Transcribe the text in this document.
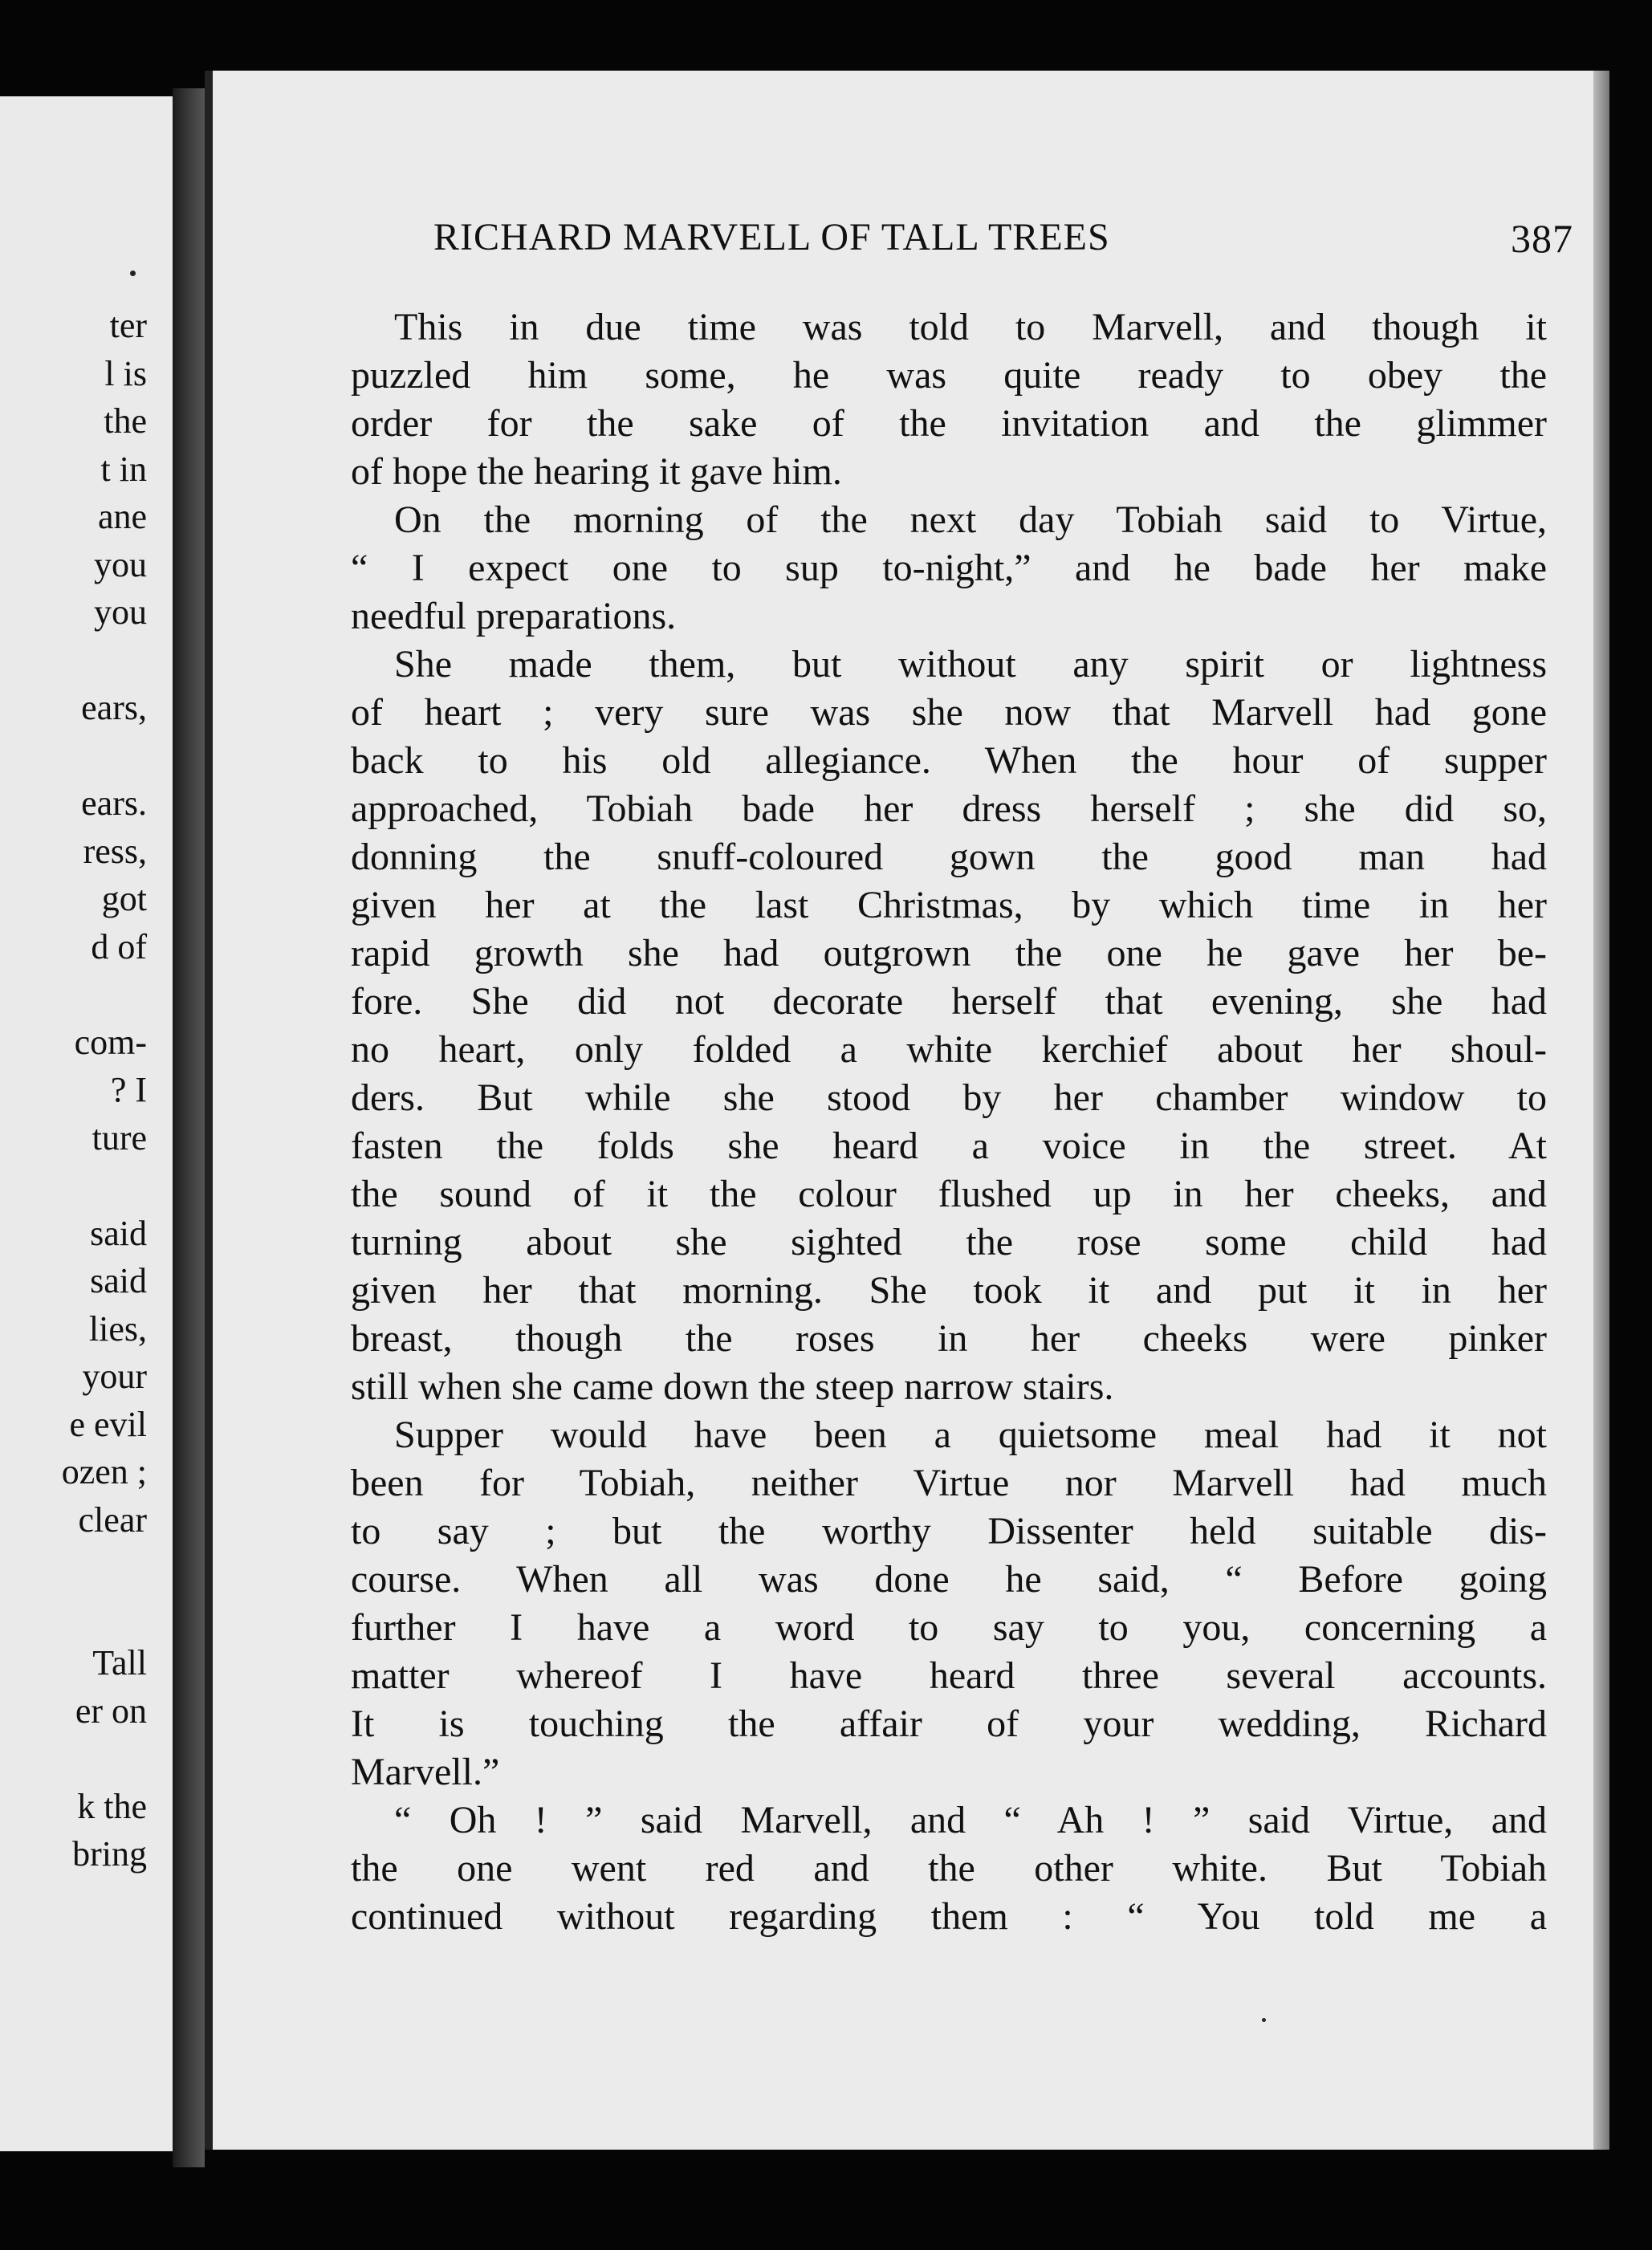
ter
l is
the
t in
ane
you
you
ears,
ears.
ress,
got
d of
com-
? I
ture
said
said
lies,
your
e evil
ozen ;
clear
Tall
er on
k the
bring
RICHARD MARVELL OF TALL TREES	387
This in due time was told to Marvell, and though it
puzzled him some, he was quite ready to obey the
order for the sake of the invitation and the glimmer
of hope the hearing it gave him.
On the morning of the next day Tobiah said to Virtue,
“ I expect one to sup to-night,” and he bade her make
needful preparations.
She made them, but without any spirit or lightness
of heart ; very sure was she now that Marvell had gone
back to his old allegiance. When the hour of supper
approached, Tobiah bade her dress herself ; she did so,
donning the snuff-coloured gown the good man had
given her at the last Christmas, by which time in her
rapid growth she had outgrown the one he gave her be-
fore. She did not decorate herself that evening, she had
no heart, only folded a white kerchief about her shoul-
ders. But while she stood by her chamber window to
fasten the folds she heard a voice in the street. At
the sound of it the colour flushed up in her cheeks, and
turning about she sighted the rose some child had
given her that morning. She took it and put it in her
breast, though the roses in her cheeks were pinker
still when she came down the steep narrow stairs.
Supper would have been a quietsome meal had it not
been for Tobiah, neither Virtue nor Marvell had much
to say ; but the worthy Dissenter held suitable dis-
course. When all was done he said, “ Before going
further I have a word to say to you, concerning a
matter whereof I have heard three several accounts.
It is touching the affair of your wedding, Richard
Marvell.”
“ Oh ! ” said Marvell, and “ Ah ! ” said Virtue, and
the one went red and the other white. But Tobiah
continued without regarding them : “ You told me a
